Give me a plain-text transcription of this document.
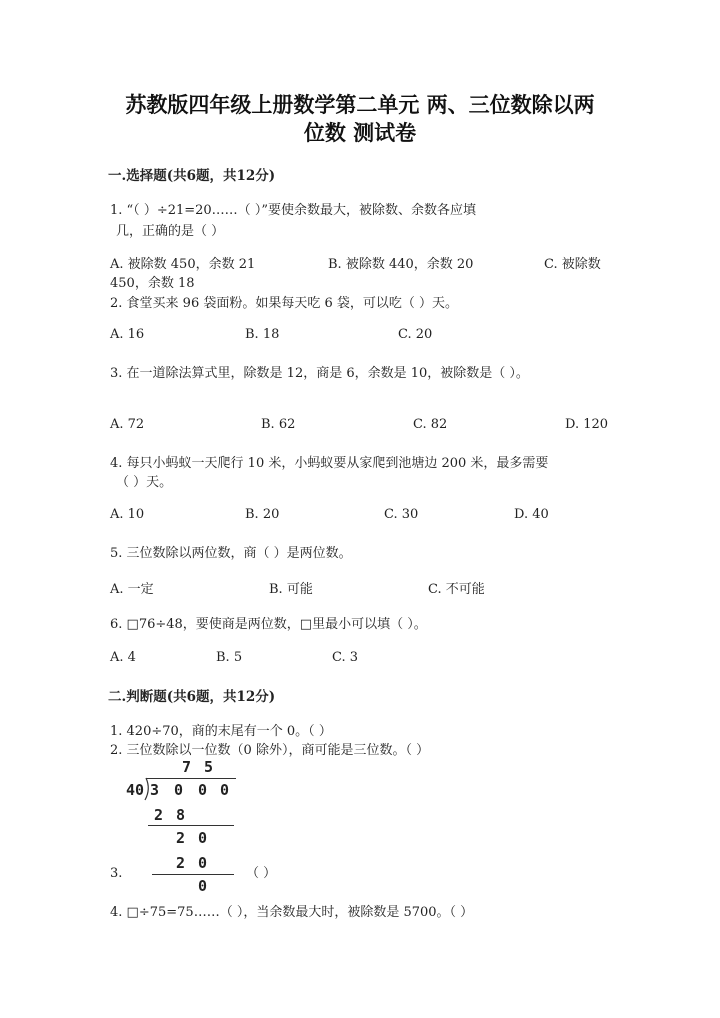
苏教版四年级上册数学第二单元 两、三位数除以两
位数 测试卷
一.选择题(共6题，共12分)
1. “（ ）÷21=20……（ ）”要使余数最大，被除数、余数各应填
几，正确的是（ ）
A. 被除数 450，余数 21	B. 被除数 440，余数 20	C. 被除数
450，余数 18
2. 食堂买来 96 袋面粉。如果每天吃 6 袋，可以吃（ ）天。
A. 16	B. 18	C. 20
3. 在一道除法算式里，除数是 12，商是 6，余数是 10，被除数是（ ）。
A. 72	B. 62	C. 82	D. 120
4. 每只小蚂蚁一天爬行 10 米，小蚂蚁要从家爬到池塘边 200 米，最多需要
（ ）天。
A. 10	B. 20	C. 30	D. 40
5. 三位数除以两位数，商（ ）是两位数。
A. 一定	B. 可能	C. 不可能
6. □76÷48，要使商是两位数，□里最小可以填（ ）。
A. 4	B. 5	C. 3
二.判断题(共6题，共12分)
1. 420÷70，商的末尾有一个 0。（ ）
2. 三位数除以一位数（0 除外），商可能是三位数。（ ）
7 5
40 3 0 0 0
2 8
2 0
2 0
0
3.	（ ）
4. □÷75=75……（ ），当余数最大时，被除数是 5700。（ ）
